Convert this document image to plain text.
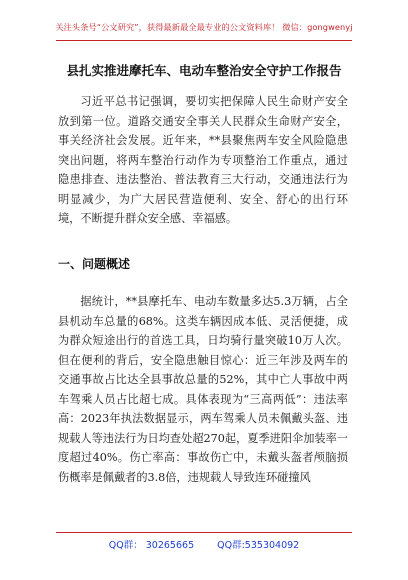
关注头条号“公文研究”，获得最新最全最专业的公文资料库！ 微信：gongwenyj
县扎实推进摩托车、电动车整治安全守护工作报告

习近平总书记强调，要切实把保障人民生命财产安全放到第一位。道路交通安全事关人民群众生命财产安全，事关经济社会发展。近年来，**县聚焦两车安全风险隐患突出问题，将两车整治行动作为专项整治工作重点，通过隐患排查、违法整治、普法教育三大行动，交通违法行为明显减少，为广大居民营造便利、安全、舒心的出行环境，不断提升群众安全感、幸福感。

一、问题概述

据统计，**县摩托车、电动车数量多达5.3万辆，占全县机动车总量的68%。这类车辆因成本低、灵活便捷，成为群众短途出行的首选工具，日均骑行量突破10万人次。但在便利的背后，安全隐患触目惊心：近三年涉及两车的交通事故占比达全县事故总量的52%，其中亡人事故中两车驾乘人员占比超七成。具体表现为“三高两低”：违法率高：2023年执法数据显示，两车驾乘人员未佩戴头盔、违规载人等违法行为日均查处超270起，夏季进阳伞加装率一度超过40%。伤亡率高：事故伤亡中，未戴头盔者颅脑损伤概率是佩戴者的3.8倍，违规载人导致连环碰撞风

QQ群： 30265665 QQ群:535304092
